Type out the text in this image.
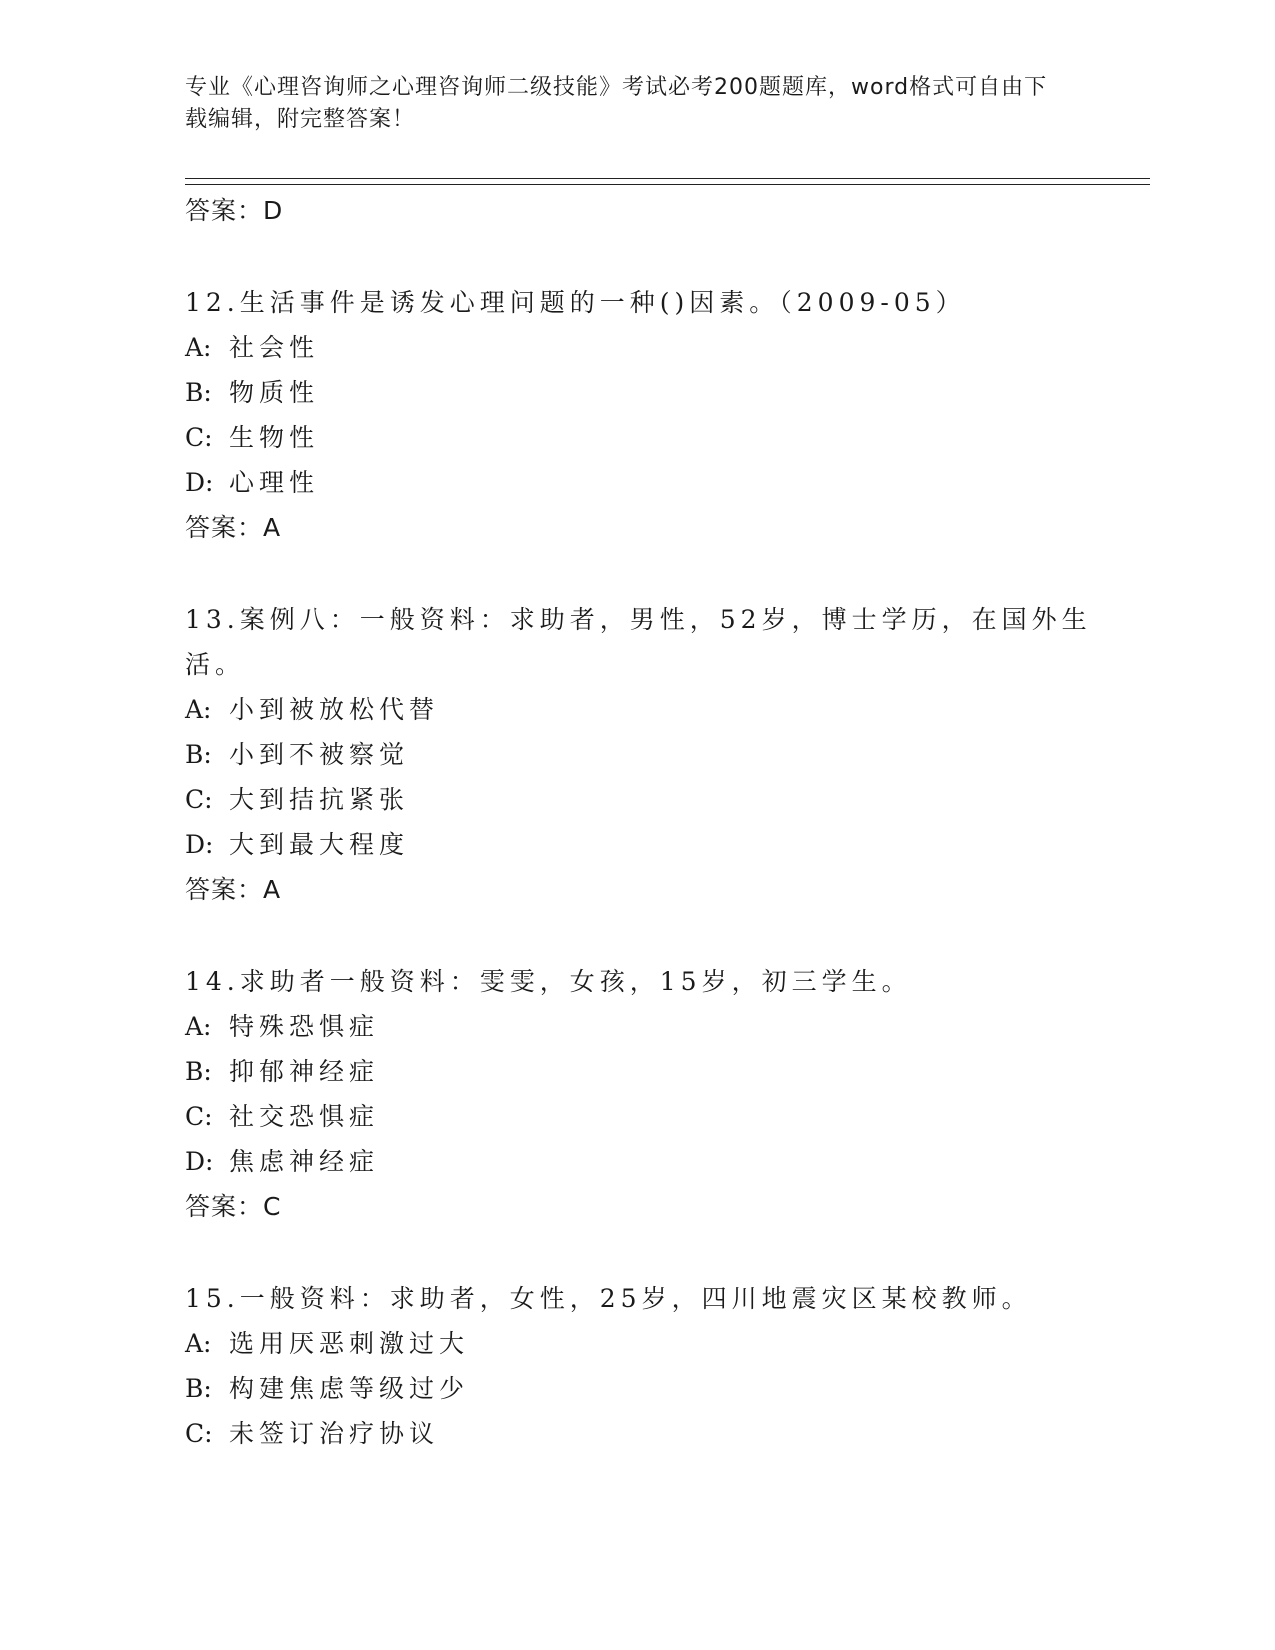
专业《心理咨询师之心理咨询师二级技能》考试必考200题题库，word格式可自由下载编辑，附完整答案！
答案：D

12.生活事件是诱发心理问题的一种()因素。（2009-05）

A: 社会性
B: 物质性
C: 生物性
D: 心理性
答案：A

13.案例八：一般资料：求助者，男性，52岁，博士学历，在国外生活。

A: 小到被放松代替
B: 小到不被察觉
C: 大到拮抗紧张
D: 大到最大程度
答案：A

14.求助者一般资料：雯雯，女孩，15岁，初三学生。

A: 特殊恐惧症
B: 抑郁神经症
C: 社交恐惧症
D: 焦虑神经症
答案：C

15.一般资料：求助者，女性，25岁，四川地震灾区某校教师。

A: 选用厌恶刺激过大
B: 构建焦虑等级过少
C: 未签订治疗协议
